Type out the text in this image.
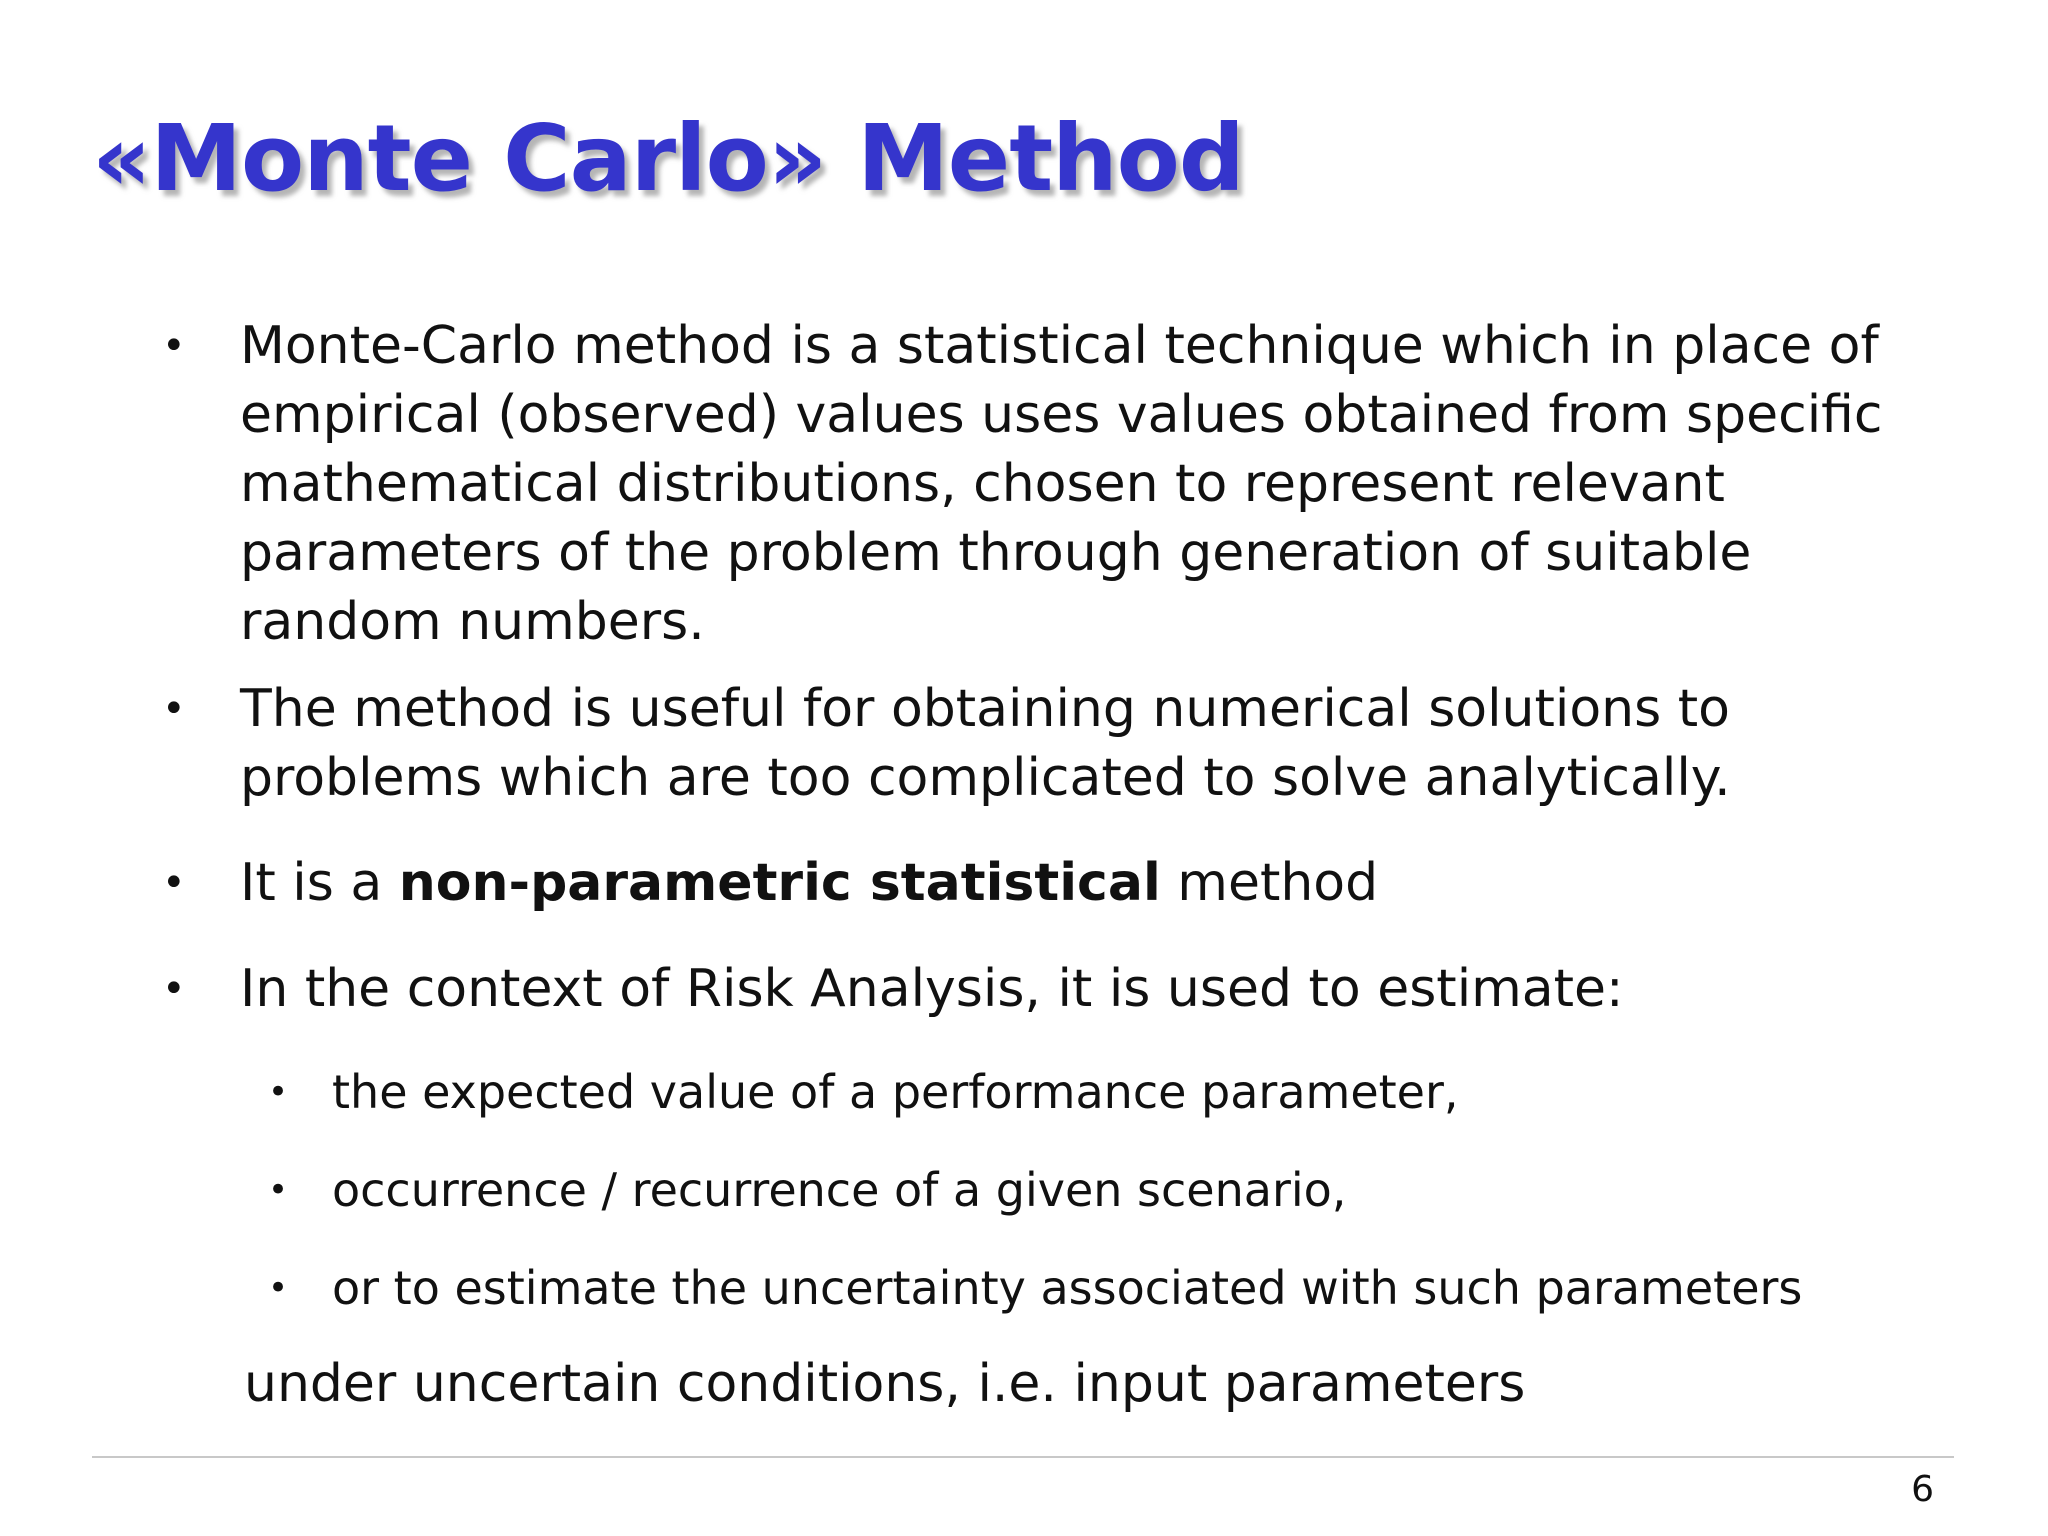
«Monte Carlo» Method
• Monte-Carlo method is a statistical technique which in place of empirical (observed) values uses values obtained from specific mathematical distributions, chosen to represent relevant parameters of the problem through generation of suitable random numbers.
• The method is useful for obtaining numerical solutions to problems which are too complicated to solve analytically.
• It is a non-parametric statistical method
• In the context of Risk Analysis, it is used to estimate:
• the expected value of a performance parameter,
• occurrence / recurrence of a given scenario,
• or to estimate the uncertainty associated with such parameters
under uncertain conditions, i.e. input parameters
6
